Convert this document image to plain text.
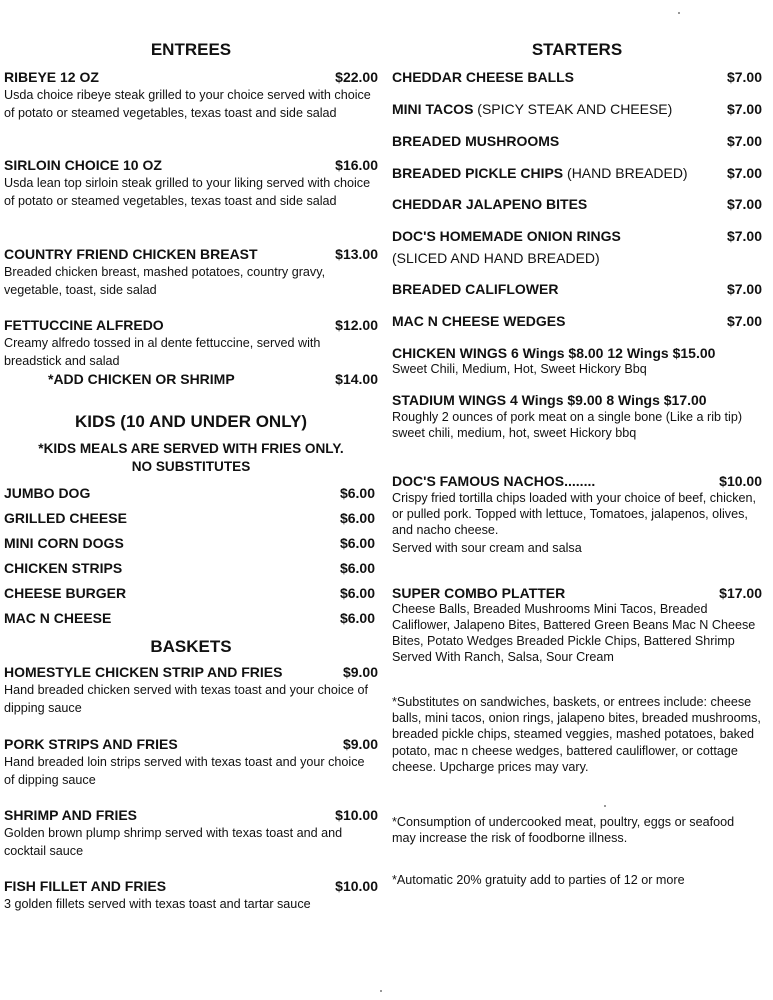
ENTREES
RIBEYE 12 OZ	$22.00
Usda choice ribeye steak grilled to your choice served with choice of potato or steamed vegetables, texas toast and side salad
SIRLOIN CHOICE 10 OZ	$16.00
Usda lean top sirloin steak grilled to your liking served with choice of potato or steamed vegetables, texas toast and side salad
COUNTRY FRIEND CHICKEN BREAST	$13.00
Breaded chicken breast, mashed potatoes, country gravy, vegetable, toast, side salad
FETTUCCINE ALFREDO	$12.00
Creamy alfredo tossed in al dente fettuccine, served with breadstick and salad
*ADD CHICKEN OR SHRIMP	$14.00
KIDS (10 AND UNDER ONLY)
*KIDS MEALS ARE SERVED WITH FRIES ONLY.
NO SUBSTITUTES
JUMBO DOG	$6.00
GRILLED CHEESE	$6.00
MINI CORN DOGS	$6.00
CHICKEN STRIPS	$6.00
CHEESE BURGER	$6.00
MAC N CHEESE	$6.00
BASKETS
HOMESTYLE CHICKEN STRIP AND FRIES	$9.00
Hand breaded chicken served with texas toast and your choice of dipping sauce
PORK STRIPS AND FRIES	$9.00
Hand breaded loin strips served with texas toast and your choice of dipping sauce
SHRIMP AND FRIES	$10.00
Golden brown plump shrimp served with texas toast and and cocktail sauce
FISH FILLET AND FRIES	$10.00
3 golden fillets served with texas toast and tartar sauce
STARTERS
CHEDDAR CHEESE BALLS	$7.00
MINI TACOS (SPICY STEAK AND CHEESE)	$7.00
BREADED MUSHROOMS	$7.00
BREADED PICKLE CHIPS (HAND BREADED)	$7.00
CHEDDAR JALAPENO BITES	$7.00
DOC'S HOMEMADE ONION RINGS	$7.00
(SLICED AND HAND BREADED)
BREADED CALIFLOWER	$7.00
MAC N CHEESE WEDGES	$7.00
CHICKEN WINGS 6 Wings $8.00 12 Wings $15.00
Sweet Chili, Medium, Hot, Sweet Hickory Bbq
STADIUM WINGS 4 Wings $9.00 8 Wings $17.00
Roughly 2 ounces of pork meat on a single bone (Like a rib tip) sweet chili, medium, hot, sweet Hickory bbq
DOC'S FAMOUS NACHOS........	$10.00
Crispy fried tortilla chips loaded with your choice of beef, chicken, or pulled pork. Topped with lettuce, Tomatoes, jalapenos, olives, and nacho cheese.
Served with sour cream and salsa
SUPER COMBO PLATTER	$17.00
Cheese Balls, Breaded Mushrooms Mini Tacos, Breaded Califlower, Jalapeno Bites, Battered Green Beans Mac N Cheese Bites, Potato Wedges Breaded Pickle Chips, Battered Shrimp Served With Ranch, Salsa, Sour Cream
*Substitutes on sandwiches, baskets, or entrees include: cheese balls, mini tacos, onion rings, jalapeno bites, breaded mushrooms, breaded pickle chips, steamed veggies, mashed potatoes, baked potato, mac n cheese wedges, battered cauliflower, or cottage cheese. Upcharge prices may vary.
*Consumption of undercooked meat, poultry, eggs or seafood may increase the risk of foodborne illness.
*Automatic 20% gratuity add to parties of 12 or more
